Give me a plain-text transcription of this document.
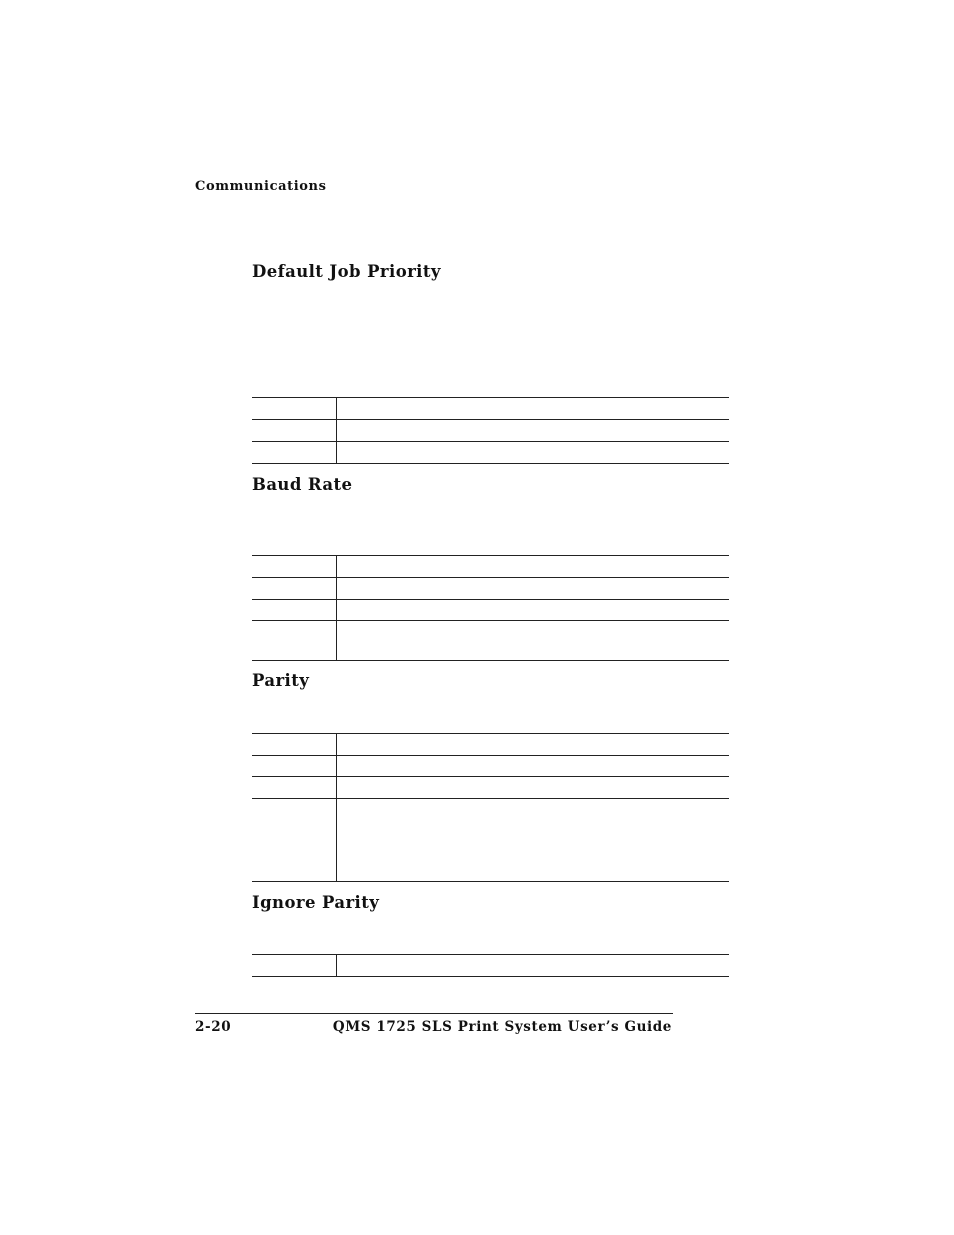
Communications
Default Job Priority

Baud Rate

Parity

Ignore Parity

2-20	QMS 1725 SLS Print System User’s Guide
